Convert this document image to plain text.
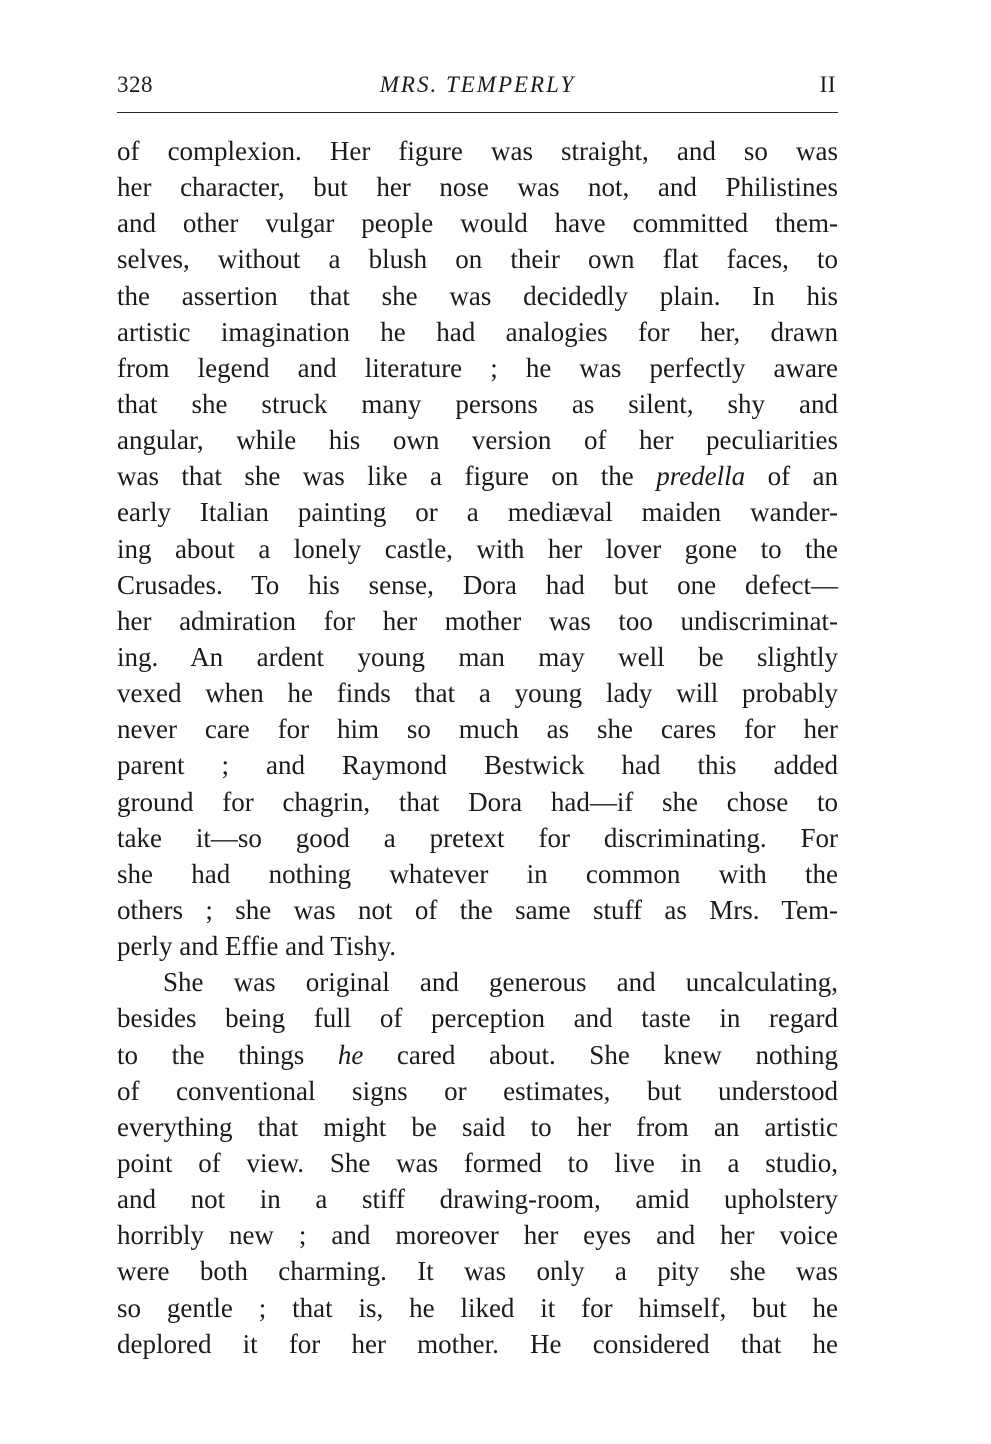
328	MRS. TEMPERLY	II
of complexion. Her figure was straight, and so was
her character, but her nose was not, and Philistines
and other vulgar people would have committed them-
selves, without a blush on their own flat faces, to
the assertion that she was decidedly plain. In his
artistic imagination he had analogies for her, drawn
from legend and literature ; he was perfectly aware
that she struck many persons as silent, shy and
angular, while his own version of her peculiarities
was that she was like a figure on the predella of an
early Italian painting or a mediæval maiden wander-
ing about a lonely castle, with her lover gone to the
Crusades. To his sense, Dora had but one defect—
her admiration for her mother was too undiscriminat-
ing. An ardent young man may well be slightly
vexed when he finds that a young lady will probably
never care for him so much as she cares for her
parent ; and Raymond Bestwick had this added
ground for chagrin, that Dora had—if she chose to
take it—so good a pretext for discriminating. For
she had nothing whatever in common with the
others ; she was not of the same stuff as Mrs. Tem-
perly and Effie and Tishy.
She was original and generous and uncalculating,
besides being full of perception and taste in regard
to the things he cared about. She knew nothing
of conventional signs or estimates, but understood
everything that might be said to her from an artistic
point of view. She was formed to live in a studio,
and not in a stiff drawing-room, amid upholstery
horribly new ; and moreover her eyes and her voice
were both charming. It was only a pity she was
so gentle ; that is, he liked it for himself, but he
deplored it for her mother. He considered that he
